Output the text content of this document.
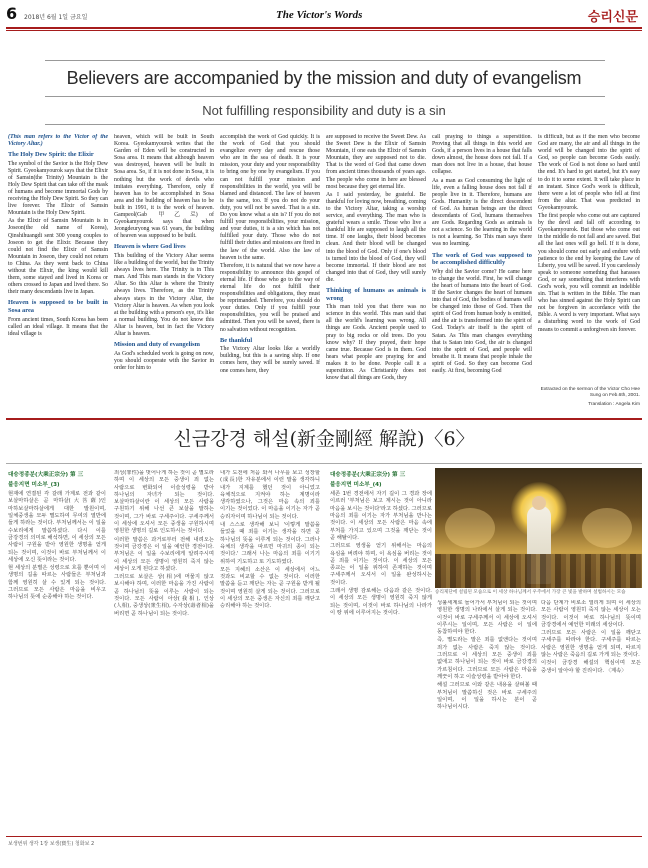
6 2018년 6월 1일 금요일	The Victor's Words	승리신문
Believers are accompanied by the mission and duty of evangelism
Not fulfilling responsibility and duty is a sin

(This man refers to the Victor of the Victory Altar.)

The Holy Dew Spirit: the Elixir

The symbol of the Savior is the Holy Dew Spirit. Gyeokamyourok says that the Elixir of Samsin(the Trinity) Mountain is the Holy Dew Spirit that can take off the mask of humans and become immortal Gods by receiving the Holy Dew Spirit. So they can live forever. The Elixir of Samsin Mountain is the Holy Dew Spirit.

As the Elixir of Samsin Mountain is in Joseon(the old name of Korea), Qinshihuangdi sent 300 young couples to Joseon to get the Elixir. Because they could not find the Elixir of Samsin Mountain in Joseon, they could not return to China. As they went back to China without the Elixir, the king would kill them, some stayed and lived in Korea or others crossed to Japan and lived there. So their many descendants live in Japan.

Heaven is supposed to be built in Sosa area

From ancient times, South Korea has been called an ideal village. It means that the ideal village is

heaven, which will be built in South Korea. Gyeokamyourok writes that the Garden of Eden will be constructed in Sosa area. It means that although heaven was destroyed, heaven will be built in Sosa area. So, if it is not done in Sosa, it is nothing but the work of devils who imitates everything. Therefore, only if heaven has to be accomplished in Sosa area and the building of heaven has to be built in 1991, it is the work of heaven. Gampeol(Gab 甲乙로) of Gyeokamyourok says that when Jeongdeuryong was 61 years, the building of heaven was supposed to be built.

Heaven is where God lives

This building of the Victory Altar seems like a building of the world, but the Trinity always lives here. The Trinity is in This man. And This man stands in the Victory Altar. So this Altar is where the Trinity always lives. Therefore, as the Trinity always stays in the Victory Altar, the Victory Altar is heaven. As when you look at the building with a person's eye, it's like a normal building. You do not know this Altar is heaven, but in fact the Victory Altar is heaven.

Mission and duty of evangelism

As God's scheduled work is going on now, you should cooperate with the Savior in order for him to

accomplish the work of God quickly. It is the work of God that you should evangelize every day and rescue those who are in the sea of death. It is your mission, your duty and your responsibility to bring one by one by evangelism. If you can not fulfill your mission and responsibilities in the world, you will be blamed and distanced. The law of heaven is the same, too. If you do not do your duty, you will not be saved. That is a sin. Do you know what a sin is? If you do not fulfill your responsibilities, your mission, and your duties, it is a sin which has not fulfilled your duty. Those who do not fulfill their duties and missions are fired in the law of the world. Also the law of heaven is the same.

Therefore, it is natural that we now have a responsibility to announce this gospel of eternal life. If those who go to the way of eternal life do not fulfill their responsibilities and obligations, they must be reprimanded. Therefore, you should do your duties. Only if you fulfill your responsibilities, you will be praised and admitted. Then you will be saved, there is no salvation without recognition.

Be thankful

The Victory Altar looks like a worldly building, but this is a saving ship. If one comes here, they will be surely saved. If one comes here, they

are supposed to receive the Sweet Dew. As the Sweet Dew is the Elixir of Samsin Mountain, if one eats the Elixir of Samsin Mountain, they are supposed not to die. That is the word of God that came down from ancient times thousands of years ago. The people who come in here are blessed most because they get eternal life.

As I said yesterday, be grateful. Be thankful for loving now, breathing, coming to the Victory Altar, taking a worship service, and everything. The man who is grateful wears a smile. Those who live a thankful life are supposed to laugh all the time. If one laughs, their blood becomes clean. And their blood will be changed into the blood of God. Only if one's blood is turned into the blood of God, they will become immortal. If their blood are not changed into that of God, they will surely die.

Thinking of humans as animals is wrong

This man told you that there was no science in this world. This man said that all the world's learning was wrong. All things are Gods. Ancient people used to pray to big rocks or old trees. Do you know why? If they prayed, their hope came true. Because God is in them. God hears what people are praying for and makes it to be done. People call it a superstition. As Christianity does not know that all things are Gods, they

call praying to things a superstition. Proving that all things in this world are Gods, if a person lives in a house that falls down almost, the house does not fall. If a man does not live in a house, that house collapse.

As a man as God consuming the light of life, even a falling house does not fall if people live in it. Therefore, humans are Gods. Humanity is the direct descendent of God. As human beings are the direct descendants of God, humans themselves are Gods. Regarding Gods as animals is not a science. So the learning in the world is not a learning. So This man says there was no learning.

The work of God was supposed to be accomplished difficultly

Why did the Savior come? He came here to change the world. First, he will change the heart of humans into the heart of God. If the Savior changes the heart of humans into that of God, the bodies of humans will be changed into those of God. Then the spirit of God from human body is emitted, and the air is transformed into the spirit of God. Today's air itself is the spirit of Satan. As This man changes everything that is Satan into God, the air is changed into the spirit of God, and people will breathe it. It means that people inhale the spirit of God. So they can become God easily. At first, becoming God

is difficult, but as if the men who become God are many, the air and all things in the world will be changed into the spirit of God, so people can become Gods easily. The work of God is not done so hard until the end. It's hard to get started, but it's easy to do it to some extent. It will take place in an instant. Since God's work is difficult, there were a lot of people who fell at first from the altar. That was predicted in Gyeokamyourok.

The first people who come out are captured by the devil and fall off according to Gyeokamyourok. But those who come out in the middle do not fall and are saved. But all the last ones will go hell. If it is done, you should come out early and endure with patience to the end by keeping the Law of Liberty, you will be saved. If you carelessly speak to someone something that harasses God, or say something that interferes with God's work, you will commit an indelible sin. That is written in the Bible. The man who has sinned against the Holy Spirit can not be forgiven in accordance with the Bible. A word is very important. What says a disturbing word to the work of God means to commit a unforgiven sin forever.

Extracted on the sermon of the Victor Cho Hee Sung on Feb.6th, 2001.
Translation : Angela Kim
신금강경 해설(新金剛經 解說)〈6〉

대승정종분(大乘正宗分) 第 三

불응지면 미소부_(3)

현재에 연결된 각 갈래 가계로 전과 같이 보살마하살은 곧 마하살(大菩薩)인 마하보살마하살에게 대한 발원이며, 일체중생을 모두 멸도하여 무여의 열반에 들게 하라는 것이다. 부처님께서는 이 일을 수보리에게 말씀하셨다. 다시 이를 금강경의 의미로 해석하면, 이 세상의 모든 사람이 구원을 받아 영원한 생명을 얻게 되는 것이며, 이것이 바로 부처님께서 이 세상에 오신 뜻이라는 것이다.

현 세상의 분별은 성령으로 흐를 뿐이며 이 생명의 길을 따르는 사람들은 부처님과 함께 영원히 살 수 있게 되는 것이다. 그러므로 모든 사람은 마음을 비우고 하나님의 뜻에 순종해야 하는 것이다.

죄성(罪性)을 벗어나게 하는 것이 곧 멸도라 하며 이 세상의 모든 중생이 죄 없는 사람으로 변화되어 이슬성령을 받아 하나님의 자녀가 되는 것이다. 보살마하살이란 이 세상의 모든 사람을 구원하기 위해 나선 큰 보살을 말하는 것이며, 그가 바로 구세주이다. 구세주께서 이 세상에 오셔서 모든 중생을 구원하시며 영원한 생명의 길로 인도하시는 것이다.

이러한 말씀은 과거로부터 전해 내려오는 것이며 금강경은 이 일을 예언한 경전이다. 부처님은 이 일을 수보리에게 알려주시며 이 세상의 모든 생명이 영원히 죽지 않는 세상이 오게 된다고 하셨다.

그러므로 보살은 상(相)에 머물지 않고 보시해야 하며, 이러한 마음을 가진 사람이 곧 하나님의 뜻을 이루는 사람이 되는 것이다. 모든 사람이 아상(我相), 인상(人相), 중생상(衆生相), 수자상(壽者相)을 버리면 곧 하나님이 되는 것이다.

내가 도전에 처음 와서 나무를 보고 성장할(成長)한 자유분에서 이런 말을 생각하니 내가 지계를 했던 것이 아니었고 육체적으로 지켜야 하는 계명이라 생각하였으나, 그것은 마음 속의 죄를 이기는 것이었다. 이 마음을 이기는 자가 곧 승리자이며 하나님이 되는 것이다.

내 스스로 생각해 보니 '이렇게 말씀을 들었을 때 죄를 이기는 생각을 하면 곧 하나님의 뜻을 이루게 되는 것이다. 그러나 육체의 생각을 따르면 마귀의 종이 되는 것이다.' 그래서 나는 마음의 죄를 이기기 위하여 기도하고 또 기도하였다.

모든 지혜의 소산은 이 세상에서 어느 것과도 비교할 수 없는 것이다. 이러한 말씀을 듣고 깨닫는 자는 곧 구원을 받게 될 것이며 영원히 살게 되는 것이다. 그러므로 이 세상의 모든 중생은 자신의 죄를 깨닫고 승리해야 하는 것이다.

대승정종분(大乘正宗分) 第 三

불응지면 미소부_(4)

세존 1번 경전에서 자기 길이 그 경과 장에 이르러 '부처님은 보고 계시는 것이 아니라 마음을 보시는 것이다'라고 하셨다. 그러므로 마음의 죄를 이기는 자가 부처님을 만나는 것이다. 이 세상의 모든 사람은 마음 속에 부처를 가지고 있으며 그것을 깨닫는 것이 곧 해탈이다.

그러므로 영생을 얻기 위해서는 마음의 욕심을 버려야 하며, 이 욕심을 버리는 것이 곧 죄를 이기는 것이다. 이 세상의 모든 종교는 이 일을 위하여 존재하는 것이며 구세주께서 오셔서 이 일을 완성하시는 것이다.

그래서 생명 감로해는 다음과 같은 것이다. 이 세상의 모든 생명이 영원히 죽지 않게 되는 것이며, 이것이 바로 하나님의 나라가 이 땅 위에 이루어지는 것이다.

승리제단에 설립된 모습으로 이 세상 하나님께서 우주에서 가장 큰 빛을 발하며 설법하시는 모습

성불세계로 들어가서 부처님이 되는 것이며 영원한 생명의 나라에서 살게 되는 것이다. 이것이 바로 구세주께서 이 세상에 오셔서 이루시는 일이며, 모든 사람은 이 일에 동참하여야 한다.

즉, 멸도라는 말은 죄를 없앤다는 것이며 죄가 없는 사람은 죽지 않는 것이다. 그러므로 이 세상의 모든 중생이 죄를 없애고 하나님이 되는 것이 바로 금강경의 가르침이다. 그러므로 모든 사람은 마음을 깨끗이 하고 이슬성령을 받아야 한다.

해설 그러므로 이와 같은 내용을 살펴볼 때 부처님이 말씀하신 것은 바로 구세주의 일이며, 이 일을 하시는 분이 곧 하나님이시다.

다음 단계가 비로소 열리게 되며 이 세상의 모든 사람이 영원히 죽지 않는 세상이 오는 것이다. 이것이 바로 하나님의 뜻이며 금강경에서 예언한 미래의 세상이다.

그러므로 모든 사람은 이 일을 깨닫고 구세주를 따라야 한다. 구세주를 따르는 사람은 영원한 생명을 얻게 되며, 따르지 않는 사람은 죽음의 길로 가게 되는 것이다.

이것이 금강경 해설의 핵심이며 모든 중생이 알아야 할 진리이다. 〈계속〉

보생번위 생각 1장 보생(寶生) 청화보 2
